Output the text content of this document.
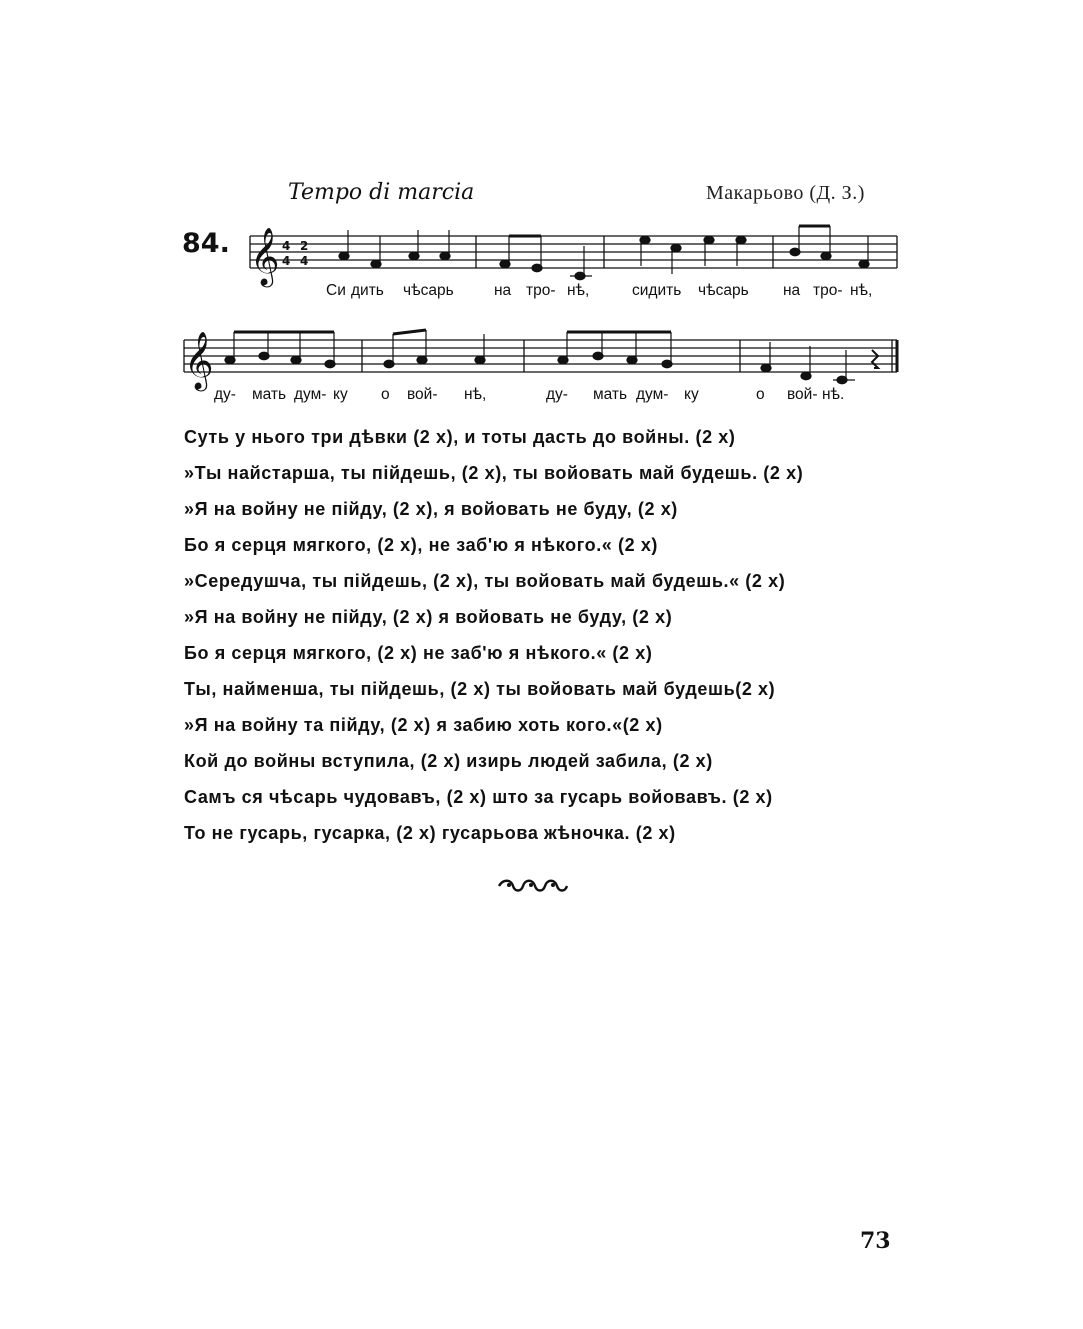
Tempo di marcia	Макарьово (Д. З.)
84. 𝄞 4
4
2
4
𝄞
Си дить чѣсарь	на тро- нѣ,	сидить чѣсарь на тро- нѣ,
ду- мать дум- ку о вой- нѣ,	ду- мать дум- ку	о вой- нѣ.
Суть у нього три дѣвки (2 х), и тоты дасть до войны. (2 х)
»Ты найстарша, ты пійдешь, (2 х), ты войовать май будешь. (2 х)
»Я на войну не пійду, (2 х), я войовать не буду, (2 х)
Бо я серця мягкого, (2 х), не заб'ю я нѣкого.« (2 х)
»Середушча, ты пійдешь, (2 х), ты войовать май будешь.« (2 х)
»Я на войну не пійду, (2 х) я войовать не буду, (2 х)
Бо я серця мягкого, (2 х) не заб'ю я нѣкого.« (2 х)
Ты, найменша, ты пійдешь, (2 х) ты войовать май будешь(2 х)
»Я на войну та пійду, (2 х) я забию хоть кого.«(2 х)
Кой до войны вступила, (2 х) изирь людей забила, (2 х)
Самъ ся чѣсарь чудовавъ, (2 х) што за гусарь войовавъ. (2 х)
То не гусарь, гусарка, (2 х) гусарьова жѣночка. (2 х)
73
